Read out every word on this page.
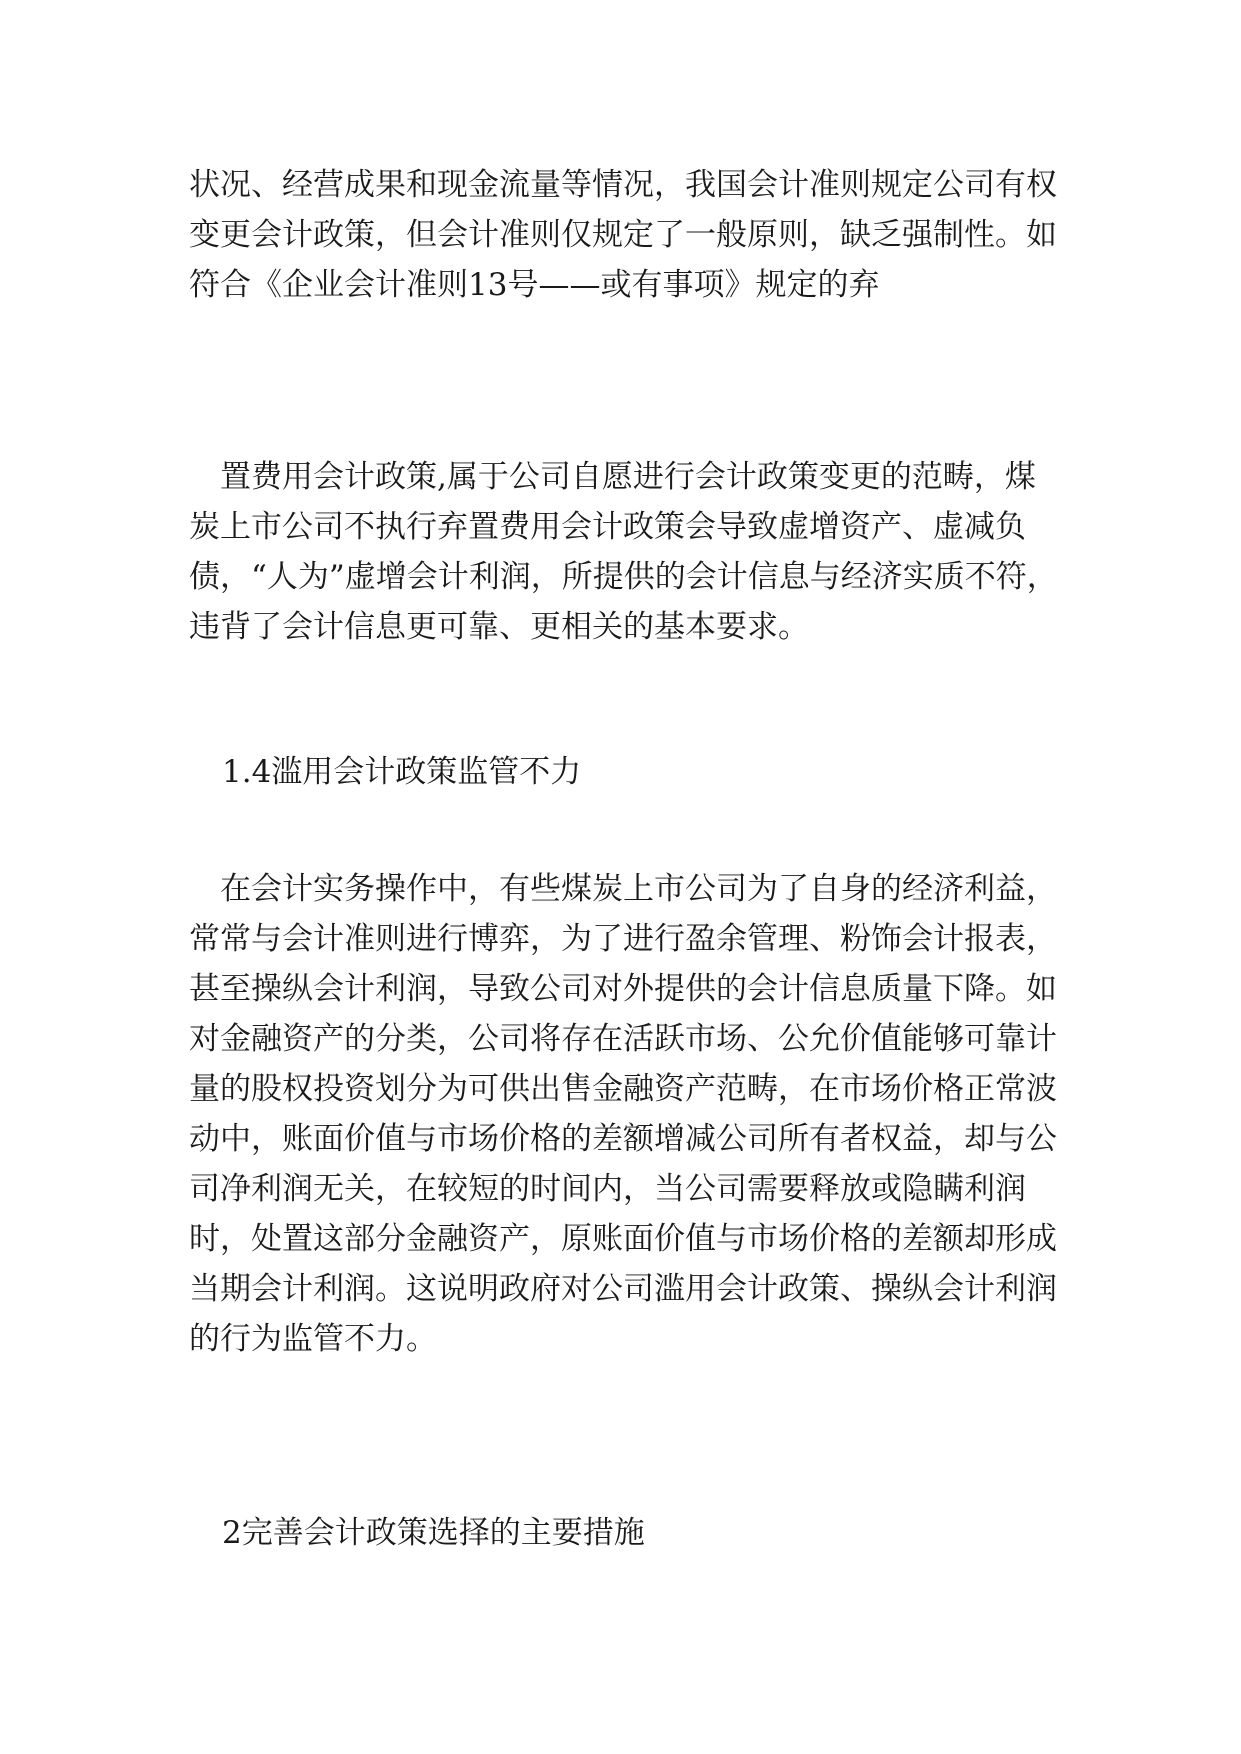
状况、经营成果和现金流量等情况，我国会计准则规定公司有权变更会计政策，但会计准则仅规定了一般原则，缺乏强制性。如符合《企业会计准则13号——或有事项》规定的弃

置费用会计政策,属于公司自愿进行会计政策变更的范畴，煤炭上市公司不执行弃置费用会计政策会导致虚增资产、虚减负债，“人为”虚增会计利润，所提供的会计信息与经济实质不符，违背了会计信息更可靠、更相关的基本要求。

1.4滥用会计政策监管不力

在会计实务操作中，有些煤炭上市公司为了自身的经济利益，常常与会计准则进行博弈，为了进行盈余管理、粉饰会计报表，甚至操纵会计利润，导致公司对外提供的会计信息质量下降。如对金融资产的分类，公司将存在活跃市场、公允价值能够可靠计量的股权投资划分为可供出售金融资产范畴，在市场价格正常波动中，账面价值与市场价格的差额增减公司所有者权益，却与公司净利润无关，在较短的时间内，当公司需要释放或隐瞒利润时，处置这部分金融资产，原账面价值与市场价格的差额却形成当期会计利润。这说明政府对公司滥用会计政策、操纵会计利润的行为监管不力。

2完善会计政策选择的主要措施
